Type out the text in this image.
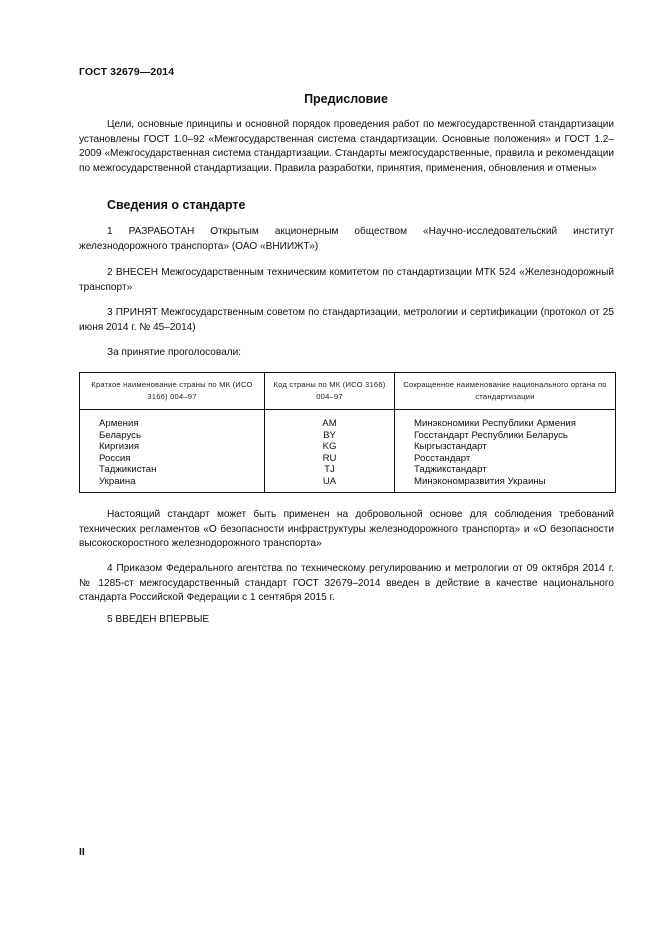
ГОСТ 32679—2014
Предисловие

Цели, основные принципы и основной порядок проведения работ по межгосударственной стандартизации установлены ГОСТ 1.0–92 «Межгосударственная система стандартизации. Основные положения» и ГОСТ 1.2–2009 «Межгосударственная система стандартизации. Стандарты межгосударственные, правила и рекомендации по межгосударственной стандартизации. Правила разработки, принятия, применения, обновления и отмены»

Сведения о стандарте

1 РАЗРАБОТАН Открытым акционерным обществом «Научно-исследовательский институт железнодорожного транспорта» (ОАО «ВНИИЖТ»)

2 ВНЕСЕН Межгосударственным техническим комитетом по стандартизации МТК 524 «Железнодорожный транспорт»

3 ПРИНЯТ Межгосударственным советом по стандартизации, метрологии и сертификации (протокол от 25 июня 2014 г. № 45–2014)

За принятие проголосовали:
Краткое наименование страны по МК (ИСО 3166) 004–97	Код страны по МК (ИСО 3166) 004–97	Сокращенное наименование национального органа по стандартизации
Армения	AM	Минэкономики Республики Армения
Беларусь	BY	Госстандарт Республики Беларусь
Киргизия	KG	Кыргызстандарт
Россия	RU	Росстандарт
Таджикистан	TJ	Таджикстандарт
Украина	UA	Минэкономразвития Украины

Настоящий стандарт может быть применен на добровольной основе для соблюдения требований технических регламентов «О безопасности инфраструктуры железнодорожного транспорта» и «О безопасности высокоскоростного железнодорожного транспорта»

4 Приказом Федерального агентства по техническому регулированию и метрологии от 09 октября 2014 г. № 1285-ст межгосударственный стандарт ГОСТ 32679–2014 введен в действие в качестве национального стандарта Российской Федерации с 1 сентября 2015 г.

5 ВВЕДЕН ВПЕРВЫЕ

II
